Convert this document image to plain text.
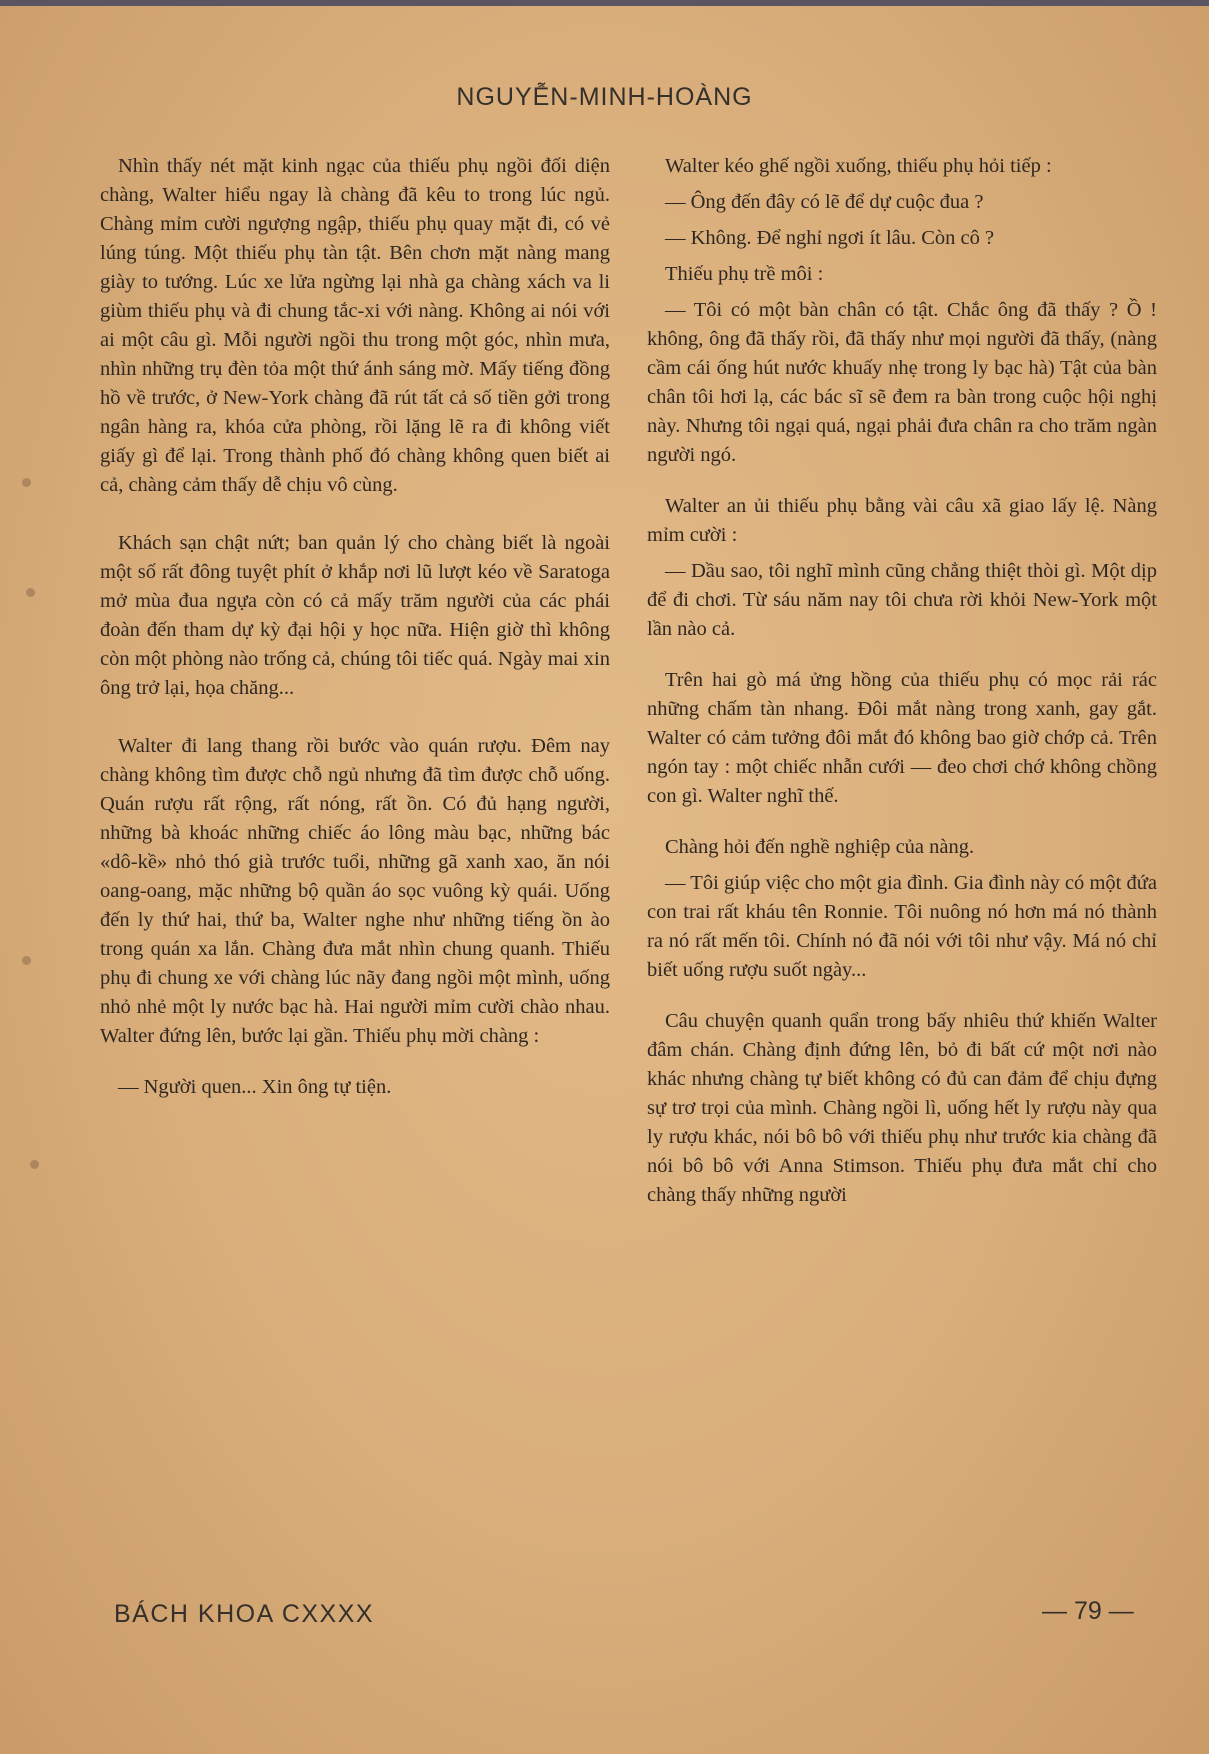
NGUYỄN-MINH-HOÀNG

Nhìn thấy nét mặt kinh ngạc của thiếu phụ ngồi đối diện chàng, Walter hiểu ngay là chàng đã kêu to trong lúc ngủ. Chàng mỉm cười ngượng ngập, thiếu phụ quay mặt đi, có vẻ lúng túng. Một thiếu phụ tàn tật. Bên chơn mặt nàng mang giày to tướng. Lúc xe lửa ngừng lại nhà ga chàng xách va li giùm thiếu phụ và đi chung tắc-xi với nàng. Không ai nói với ai một câu gì. Mỗi người ngồi thu trong một góc, nhìn mưa, nhìn những trụ đèn tỏa một thứ ánh sáng mờ. Mấy tiếng đồng hồ về trước, ở New-York chàng đã rút tất cả số tiền gởi trong ngân hàng ra, khóa cửa phòng, rồi lặng lẽ ra đi không viết giấy gì để lại. Trong thành phố đó chàng không quen biết ai cả, chàng cảm thấy dễ chịu vô cùng.

Khách sạn chật nứt; ban quản lý cho chàng biết là ngoài một số rất đông tuyệt phít ở khắp nơi lũ lượt kéo về Saratoga mở mùa đua ngựa còn có cả mấy trăm người của các phái đoàn đến tham dự kỳ đại hội y học nữa. Hiện giờ thì không còn một phòng nào trống cả, chúng tôi tiếc quá. Ngày mai xin ông trở lại, họa chăng...

Walter đi lang thang rồi bước vào quán rượu. Đêm nay chàng không tìm được chỗ ngủ nhưng đã tìm được chỗ uống. Quán rượu rất rộng, rất nóng, rất ồn. Có đủ hạng người, những bà khoác những chiếc áo lông màu bạc, những bác «dô-kề» nhỏ thó già trước tuổi, những gã xanh xao, ăn nói oang-oang, mặc những bộ quần áo sọc vuông kỳ quái. Uống đến ly thứ hai, thứ ba, Walter nghe như những tiếng ồn ào trong quán xa lắn. Chàng đưa mắt nhìn chung quanh. Thiếu phụ đi chung xe với chàng lúc nãy đang ngồi một mình, uống nhỏ nhẻ một ly nước bạc hà. Hai người mỉm cười chào nhau. Walter đứng lên, bước lại gần. Thiếu phụ mời chàng :

— Người quen... Xin ông tự tiện.

Walter kéo ghế ngồi xuống, thiếu phụ hỏi tiếp :

— Ông đến đây có lẽ để dự cuộc đua ?

— Không. Để nghỉ ngơi ít lâu. Còn cô ?

Thiếu phụ trề môi :

— Tôi có một bàn chân có tật. Chắc ông đã thấy ? Ồ ! không, ông đã thấy rồi, đã thấy như mọi người đã thấy, (nàng cầm cái ống hút nước khuấy nhẹ trong ly bạc hà) Tật của bàn chân tôi hơi lạ, các bác sĩ sẽ đem ra bàn trong cuộc hội nghị này. Nhưng tôi ngại quá, ngại phải đưa chân ra cho trăm ngàn người ngó.

Walter an ủi thiếu phụ bằng vài câu xã giao lấy lệ. Nàng mỉm cười :

— Dầu sao, tôi nghĩ mình cũng chẳng thiệt thòi gì. Một dịp để đi chơi. Từ sáu năm nay tôi chưa rời khỏi New-York một lần nào cả.

Trên hai gò má ửng hồng của thiếu phụ có mọc rải rác những chấm tàn nhang. Đôi mắt nàng trong xanh, gay gắt. Walter có cảm tưởng đôi mắt đó không bao giờ chớp cả. Trên ngón tay : một chiếc nhẫn cưới — đeo chơi chớ không chồng con gì. Walter nghĩ thế.

Chàng hỏi đến nghề nghiệp của nàng.

— Tôi giúp việc cho một gia đình. Gia đình này có một đứa con trai rất kháu tên Ronnie. Tôi nuông nó hơn má nó thành ra nó rất mến tôi. Chính nó đã nói với tôi như vậy. Má nó chỉ biết uống rượu suốt ngày...

Câu chuyện quanh quẩn trong bấy nhiêu thứ khiến Walter đâm chán. Chàng định đứng lên, bỏ đi bất cứ một nơi nào khác nhưng chàng tự biết không có đủ can đảm để chịu đựng sự trơ trọi của mình. Chàng ngồi lì, uống hết ly rượu này qua ly rượu khác, nói bô bô với thiếu phụ như trước kia chàng đã nói bô bô với Anna Stimson. Thiếu phụ đưa mắt chỉ cho chàng thấy những người

BÁCH KHOA CXXXX	— 79 —
